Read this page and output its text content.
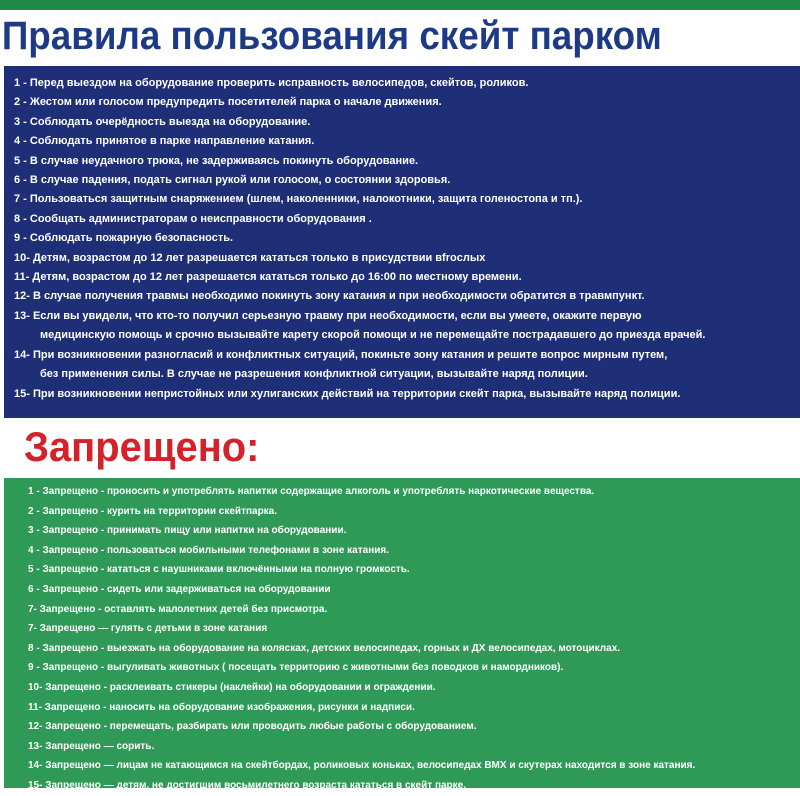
Правила пользования скейт парком
1 - Перед выездом на оборудование проверить исправность велосипедов, скейтов, роликов.
2 - Жестом или голосом предупредить посетителей парка о начале движения.
3 - Соблюдать очерёдность выезда на оборудование.
4 - Соблюдать принятое в парке направление катания.
5 - В случае неудачного трюка, не задерживаясь покинуть оборудование.
6 - В случае падения, подать сигнал рукой или голосом, о состоянии здоровья.
7 - Пользоваться защитным снаряжением (шлем, наколенники, налокотники, защита голеностопа и тп.).
8 - Сообщать администраторам о неисправности оборудования .
9 - Соблюдать пожарную безопасность.
10- Детям, возрастом до 12 лет разрешается кататься только в присудствии вfroслых
11- Детям, возрастом до 12 лет разрешается кататься только до 16:00 по местному времени.
12- В случае получения травмы необходимо покинуть зону катания и при необходимости обратится в травмпункт.
13- Если вы увидели, что кто-то получил серьезную травму при необходимости, если вы умеете, окажите первую
медицинскую помощь и срочно вызывайте карету скорой помощи и не перемещайте пострадавшего до приезда врачей.
14- При возникновении разногласий и конфликтных ситуаций, покиньте зону катания и решите вопрос мирным путем,
без применения силы. В случае не разрешения конфликтной ситуации, вызывайте наряд полиции.
15- При возникновении непристойных или хулиганских действий на территории скейт парка, вызывайте наряд полиции.
Запрещено:
1 - Запрещено - проносить и употреблять напитки содержащие алкоголь и употреблять наркотические вещества.
2 - Запрещено - курить на территории скейтпарка.
3 - Запрещено - принимать пищу или напитки на оборудовании.
4 - Запрещено - пользоваться мобильными телефонами в зоне катания.
5 - Запрещено - кататься с наушниками включёнными на полную громкость.
6 - Запрещено - сидеть или задерживаться на оборудовании
7- Запрещено - оставлять малолетних детей без присмотра.
7- Запрещено — гулять с детьми в зоне катания
8 - Запрещено - выезжать на оборудование на колясках, детских велосипедах, горных и ДХ велосипедах, мотоциклах.
9 - Запрещено - выгуливать животных ( посещать территорию с животными без поводков и намордников).
10- Запрещено - расклеивать стикеры (наклейки) на оборудовании и ограждении.
11- Запрещено - наносить на оборудование изображения, рисунки и надписи.
12- Запрещено - перемещать, разбирать или проводить любые работы с оборудованием.
13- Запрещено — сорить.
14- Запрещено — лицам не катающимся на скейтбордах, роликовых коньках, велосипедах ВМХ и скутерах находится в зоне катания.
15- Запрещено — детям, не достигшим восьмилетнего возраста кататься в скейт парке.
